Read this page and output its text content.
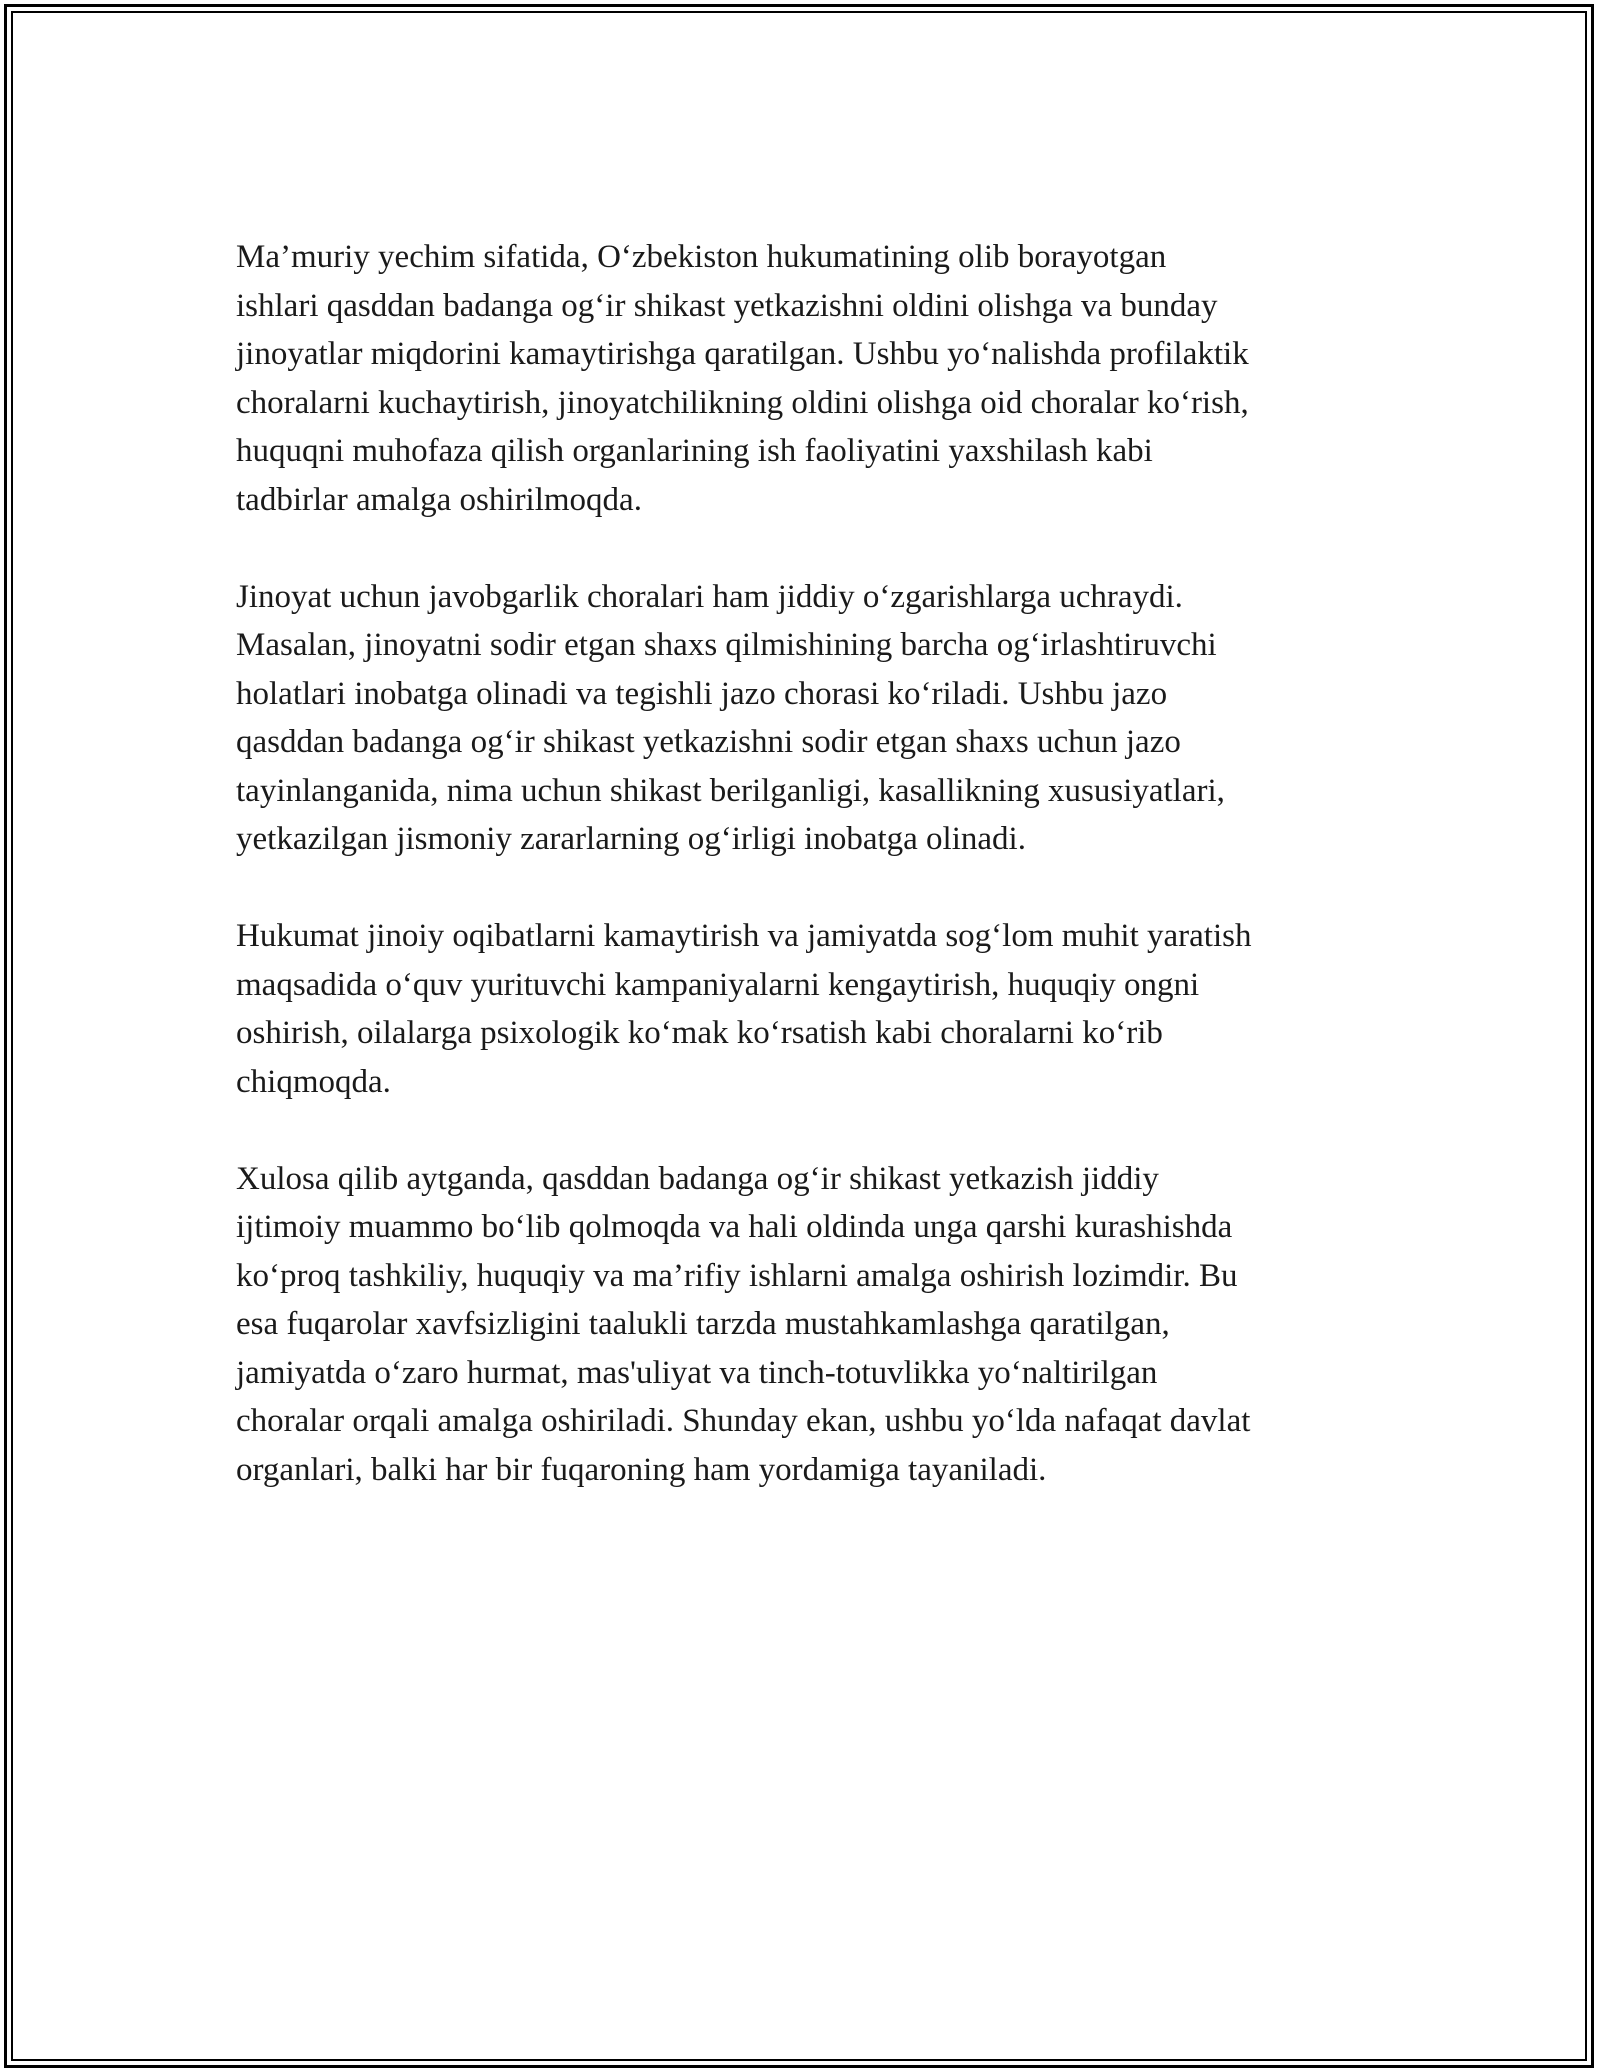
Ma’muriy yechim sifatida, O‘zbekiston hukumatining olib borayotgan
ishlari qasddan badanga og‘ir shikast yetkazishni oldini olishga va bunday
jinoyatlar miqdorini kamaytirishga qaratilgan. Ushbu yo‘nalishda profilaktik
choralarni kuchaytirish, jinoyatchilikning oldini olishga oid choralar ko‘rish,
huquqni muhofaza qilish organlarining ish faoliyatini yaxshilash kabi
tadbirlar amalga oshirilmoqda.
Jinoyat uchun javobgarlik choralari ham jiddiy o‘zgarishlarga uchraydi.
Masalan, jinoyatni sodir etgan shaxs qilmishining barcha og‘irlashtiruvchi
holatlari inobatga olinadi va tegishli jazo chorasi ko‘riladi. Ushbu jazo
qasddan badanga og‘ir shikast yetkazishni sodir etgan shaxs uchun jazo
tayinlanganida, nima uchun shikast berilganligi, kasallikning xususiyatlari,
yetkazilgan jismoniy zararlarning og‘irligi inobatga olinadi.
Hukumat jinoiy oqibatlarni kamaytirish va jamiyatda sog‘lom muhit yaratish
maqsadida o‘quv yurituvchi kampaniyalarni kengaytirish, huquqiy ongni
oshirish, oilalarga psixologik ko‘mak ko‘rsatish kabi choralarni ko‘rib
chiqmoqda.
Xulosa qilib aytganda, qasddan badanga og‘ir shikast yetkazish jiddiy
ijtimoiy muammo bo‘lib qolmoqda va hali oldinda unga qarshi kurashishda
ko‘proq tashkiliy, huquqiy va ma’rifiy ishlarni amalga oshirish lozimdir. Bu
esa fuqarolar xavfsizligini taalukli tarzda mustahkamlashga qaratilgan,
jamiyatda o‘zaro hurmat, mas'uliyat va tinch-totuvlikka yo‘naltirilgan
choralar orqali amalga oshiriladi. Shunday ekan, ushbu yo‘lda nafaqat davlat
organlari, balki har bir fuqaroning ham yordamiga tayaniladi.
